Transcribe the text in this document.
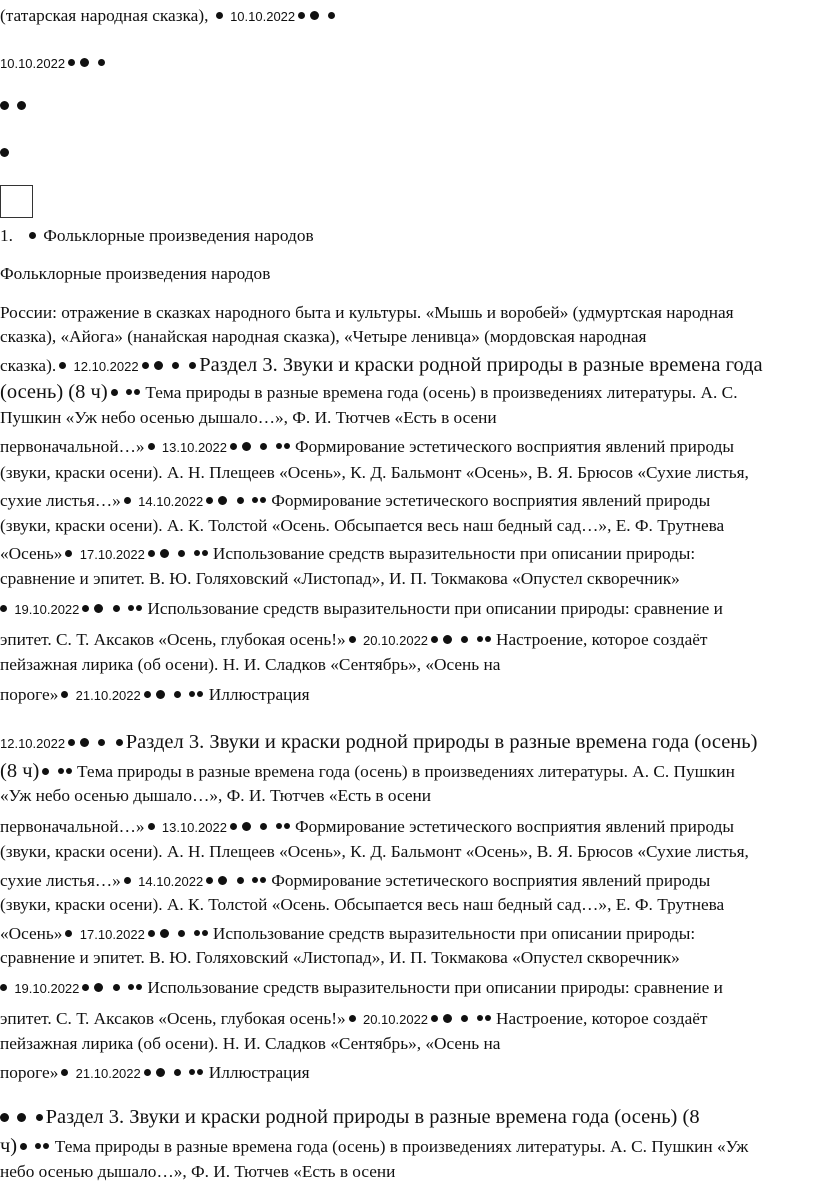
(татарская народная сказка), 10.10.2022
10.10.2022

1. Фольклорные произведения народов
Фольклорные произведения народов
России: отражение в сказках народного быта и культуры. «Мышь и воробей» (удмуртская народная
сказка), «Айога» (нанайская народная сказка), «Четыре ленивца» (мордовская народная
сказка). 12.10.2022	Раздел 3. Звуки и краски родной природы в разные времена года
(осень) (8 ч) Тема природы в разные времена года (осень) в произведениях литературы. А. С.
Пушкин «Уж небо осенью дышало…», Ф. И. Тютчев «Есть в осени
первоначальной…» 13.10.2022	Формирование эстетического восприятия явлений природы
(звуки, краски осени). А. Н. Плещеев «Осень», К. Д. Бальмонт «Осень», В. Я. Брюсов «Сухие листья,
сухие листья…» 14.10.2022	Формирование эстетического восприятия явлений природы
(звуки, краски осени). А. К. Толстой «Осень. Обсыпается весь наш бедный сад…», Е. Ф. Трутнева
«Осень» 17.10.2022	Использование средств выразительности при описании природы:
сравнение и эпитет. В. Ю. Голяховский «Листопад», И. П. Токмакова «Опустел скворечник»
19.10.2022	Использование средств выразительности при описании природы: сравнение и
эпитет. С. Т. Аксаков «Осень, глубокая осень!» 20.10.2022	Настроение, которое создаёт
пейзажная лирика (об осени). Н. И. Сладков «Сентябрь», «Осень на
пороге» 21.10.2022	Иллюстрация
12.10.2022	Раздел 3. Звуки и краски родной природы в разные времена года (осень)
(8 ч) Тема природы в разные времена года (осень) в произведениях литературы. А. С. Пушкин
«Уж небо осенью дышало…», Ф. И. Тютчев «Есть в осени
первоначальной…» 13.10.2022	Формирование эстетического восприятия явлений природы
(звуки, краски осени). А. Н. Плещеев «Осень», К. Д. Бальмонт «Осень», В. Я. Брюсов «Сухие листья,
сухие листья…» 14.10.2022	Формирование эстетического восприятия явлений природы
(звуки, краски осени). А. К. Толстой «Осень. Обсыпается весь наш бедный сад…», Е. Ф. Трутнева
«Осень» 17.10.2022	Использование средств выразительности при описании природы:
сравнение и эпитет. В. Ю. Голяховский «Листопад», И. П. Токмакова «Опустел скворечник»
19.10.2022	Использование средств выразительности при описании природы: сравнение и
эпитет. С. Т. Аксаков «Осень, глубокая осень!» 20.10.2022	Настроение, которое создаёт
пейзажная лирика (об осени). Н. И. Сладков «Сентябрь», «Осень на
пороге» 21.10.2022	Иллюстрация
Раздел 3. Звуки и краски родной природы в разные времена года (осень) (8
ч) Тема природы в разные времена года (осень) в произведениях литературы. А. С. Пушкин «Уж
небо осенью дышало…», Ф. И. Тютчев «Есть в осени
